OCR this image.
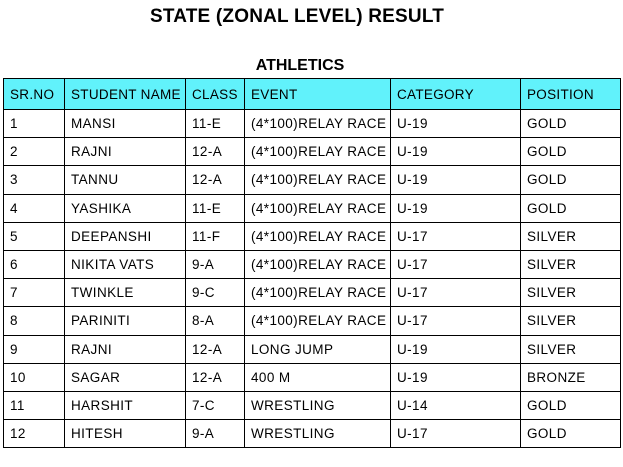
STATE (ZONAL LEVEL) RESULT
ATHLETICS
SR.NO	STUDENT NAME	CLASS	EVENT	CATEGORY	POSITION
1	MANSI	11-E	(4*100)RELAY RACE	U-19	GOLD
2	RAJNI	12-A	(4*100)RELAY RACE	U-19	GOLD
3	TANNU	12-A	(4*100)RELAY RACE	U-19	GOLD
4	YASHIKA	11-E	(4*100)RELAY RACE	U-19	GOLD
5	DEEPANSHI	11-F	(4*100)RELAY RACE	U-17	SILVER
6	NIKITA VATS	9-A	(4*100)RELAY RACE	U-17	SILVER
7	TWINKLE	9-C	(4*100)RELAY RACE	U-17	SILVER
8	PARINITI	8-A	(4*100)RELAY RACE	U-17	SILVER
9	RAJNI	12-A	LONG JUMP	U-19	SILVER
10	SAGAR	12-A	400 M	U-19	BRONZE
11	HARSHIT	7-C	WRESTLING	U-14	GOLD
12	HITESH	9-A	WRESTLING	U-17	GOLD
